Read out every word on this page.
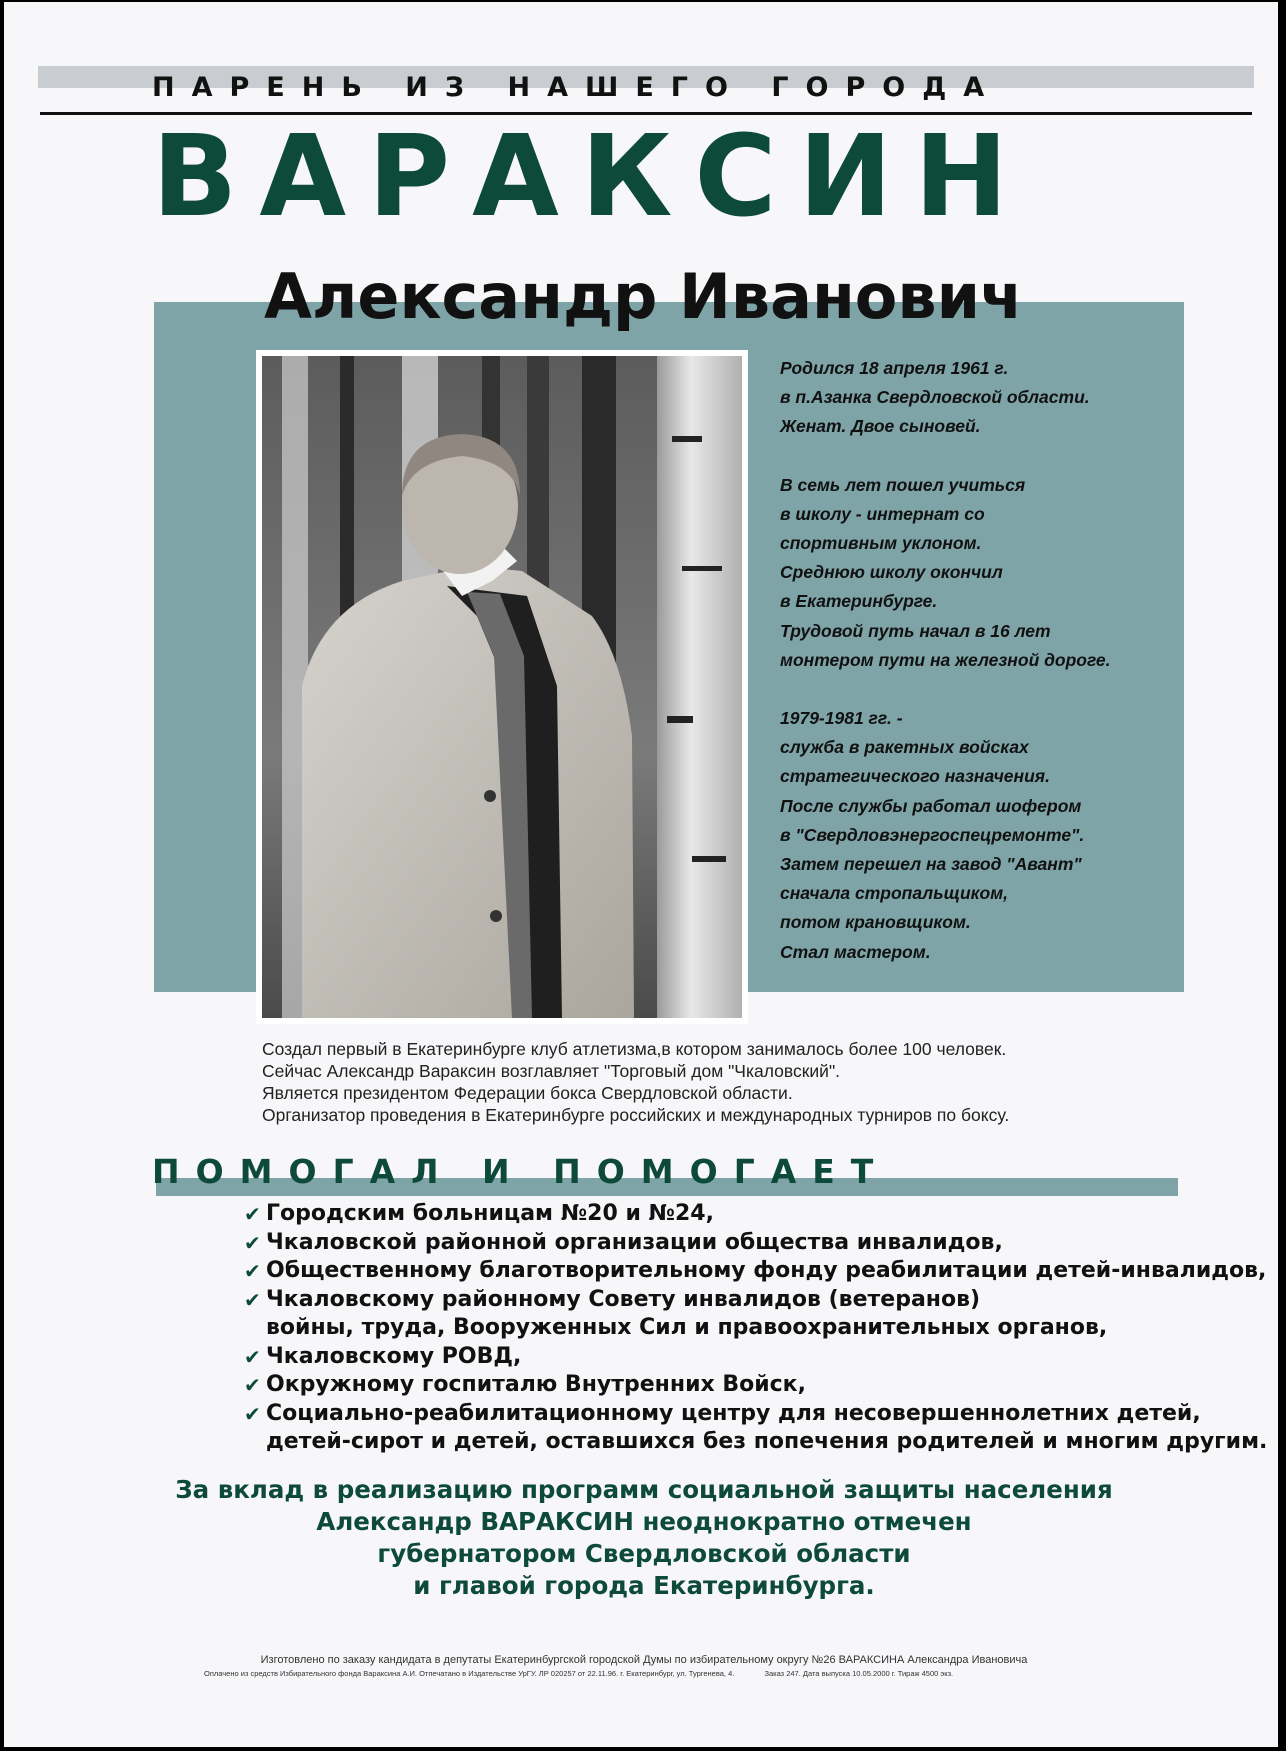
ПАРЕНЬ ИЗ НАШЕГО ГОРОДА
ВАРАКСИН
Александр Иванович

Родился 18 апреля 1961 г.

в п.Азанка Свердловской области.

Женат. Двое сыновей.

В семь лет пошел учиться

в школу - интернат со

спортивным уклоном.

Среднюю школу окончил

в Екатеринбурге.

Трудовой путь начал в 16 лет

монтером пути на железной дороге.

1979-1981 гг. -

служба в ракетных войсках

стратегического назначения.

После службы работал шофером

в "Свердловэнергоспецремонте".

Затем перешел на завод "Авант"

сначала стропальщиком,

потом крановщиком.

Стал мастером.

Создал первый в Екатеринбурге клуб атлетизма,в котором занималось более 100 человек.

Сейчас Александр Вараксин возглавляет "Торговый дом "Чкаловский".

Является президентом Федерации бокса Свердловской области.

Организатор проведения в Екатеринбурге российских и международных турниров по боксу.

ПОМОГАЛ И ПОМОГАЕТ
✔ Городским больницам №20 и №24,
✔ Чкаловской районной организации общества инвалидов,
✔ Общественному благотворительному фонду реабилитации детей-инвалидов,
✔ Чкаловскому районному Совету инвалидов (ветеранов)
войны, труда, Вооруженных Сил и правоохранительных органов,
✔ Чкаловскому РОВД,
✔ Окружному госпиталю Внутренних Войск,
✔ Социально-реабилитационному центру для несовершеннолетних детей,
детей-сирот и детей, оставшихся без попечения родителей и многим другим.

За вклад в реализацию программ социальной защиты населения

Александр ВАРАКСИН неоднократно отмечен

губернатором Свердловской области

и главой города Екатеринбурга.

Изготовлено по заказу кандидата в депутаты Екатеринбургской городской Думы по избирательному округу №26 ВАРАКСИНА Александра Ивановича
Оплачено из средств Избирательного фонда Вараксина А.И. Отпечатано в Издательстве УрГУ. ЛР 020257 от 22.11.96. г. Екатеринбург, ул. Тургенева, 4.	Заказ 247. Дата выпуска 10.05.2000 г. Тираж 4500 экз.
